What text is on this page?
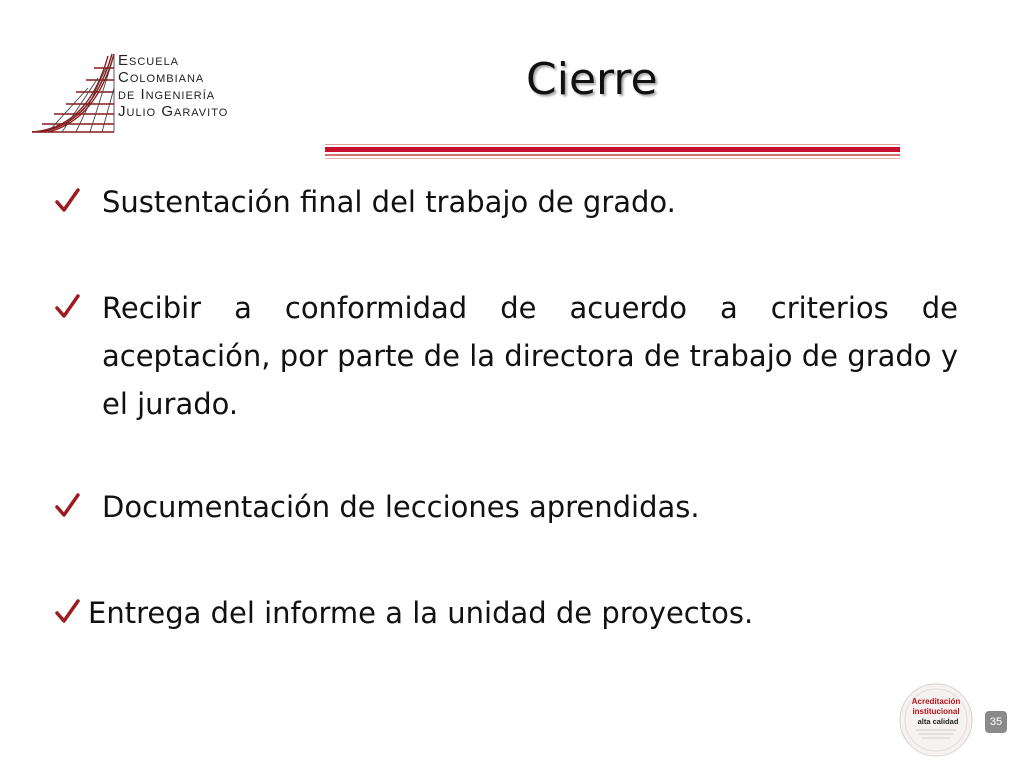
Escuela
Colombiana
de Ingeniería
Julio Garavito
Cierre
Sustentación final del trabajo de grado.
Recibir a conformidad de acuerdo a criterios de aceptación, por parte de la directora de trabajo de grado y el jurado.
Documentación de lecciones aprendidas.
Entrega del informe a la unidad de proyectos.
Acreditación
institucional
alta calidad	35
